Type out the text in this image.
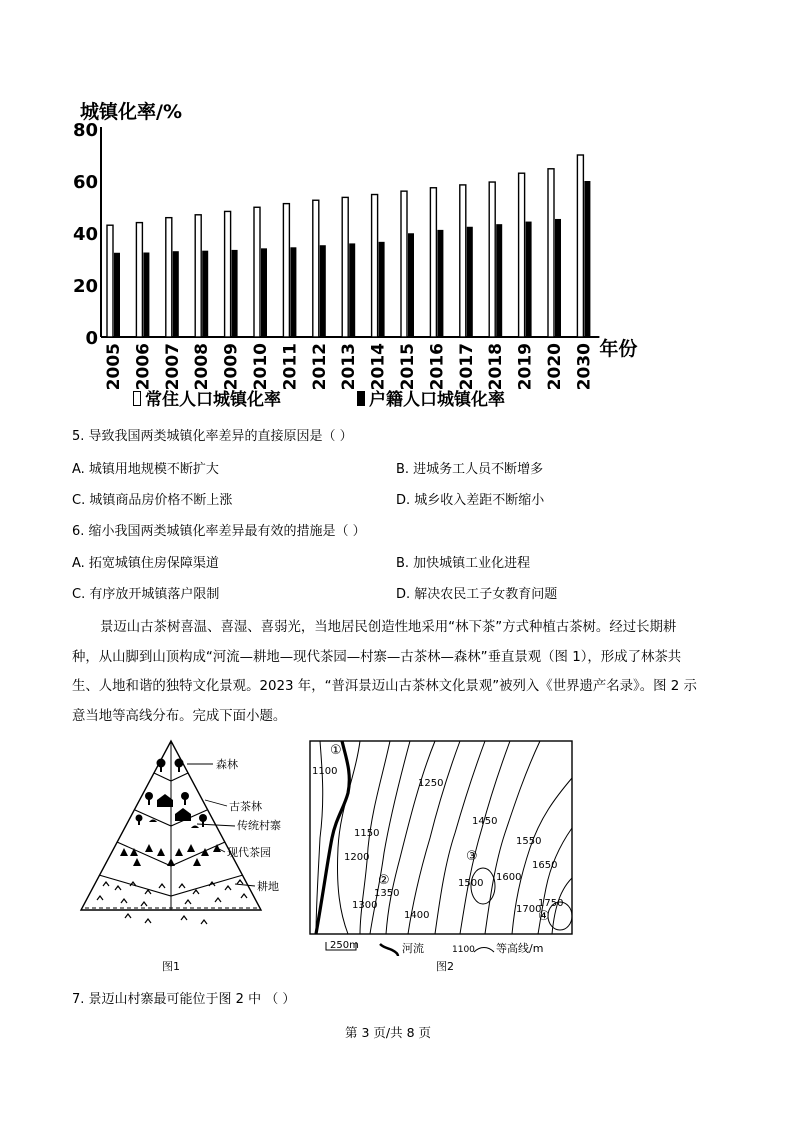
城镇化率/%
0
20
40
60
80
2005 2006 2007 2008 2009 2010 2011 2012 2013 2014 2015 2016 2017 2018 2019 2020 2030 年份
常住人口城镇化率	户籍人口城镇化率
5. 导致我国两类城镇化率差异的直接原因是（ ）
A. 城镇用地规模不断扩大	B. 进城务工人员不断增多
C. 城镇商品房价格不断上涨	D. 城乡收入差距不断缩小
6. 缩小我国两类城镇化率差异最有效的措施是（ ）
A. 拓宽城镇住房保障渠道	B. 加快城镇工业化进程
C. 有序放开城镇落户限制	D. 解决农民工子女教育问题
景迈山古茶树喜温、喜湿、喜弱光，当地居民创造性地采用“林下茶”方式种植古茶树。经过长期耕
种，从山脚到山顶构成“河流—耕地—现代茶园—村寨—古茶林—森林”垂直景观（图 1），形成了林茶共
生、人地和谐的独特文化景观。2023 年，“普洱景迈山古茶林文化景观”被列入《世界遗产名录》。图 2 示
意当地等高线分布。完成下面小题。
森林
古茶林
传统村寨
现代茶园
耕地
图1
①
②
③
④
1100
1150
1200
1250
1300
1350
1400
1450
1500
1550
1600
1650
1700
1750
250m	河流	1100 等高线/m
图2
7. 景迈山村寨最可能位于图 2 中 （ ）
第 3 页/共 8 页
